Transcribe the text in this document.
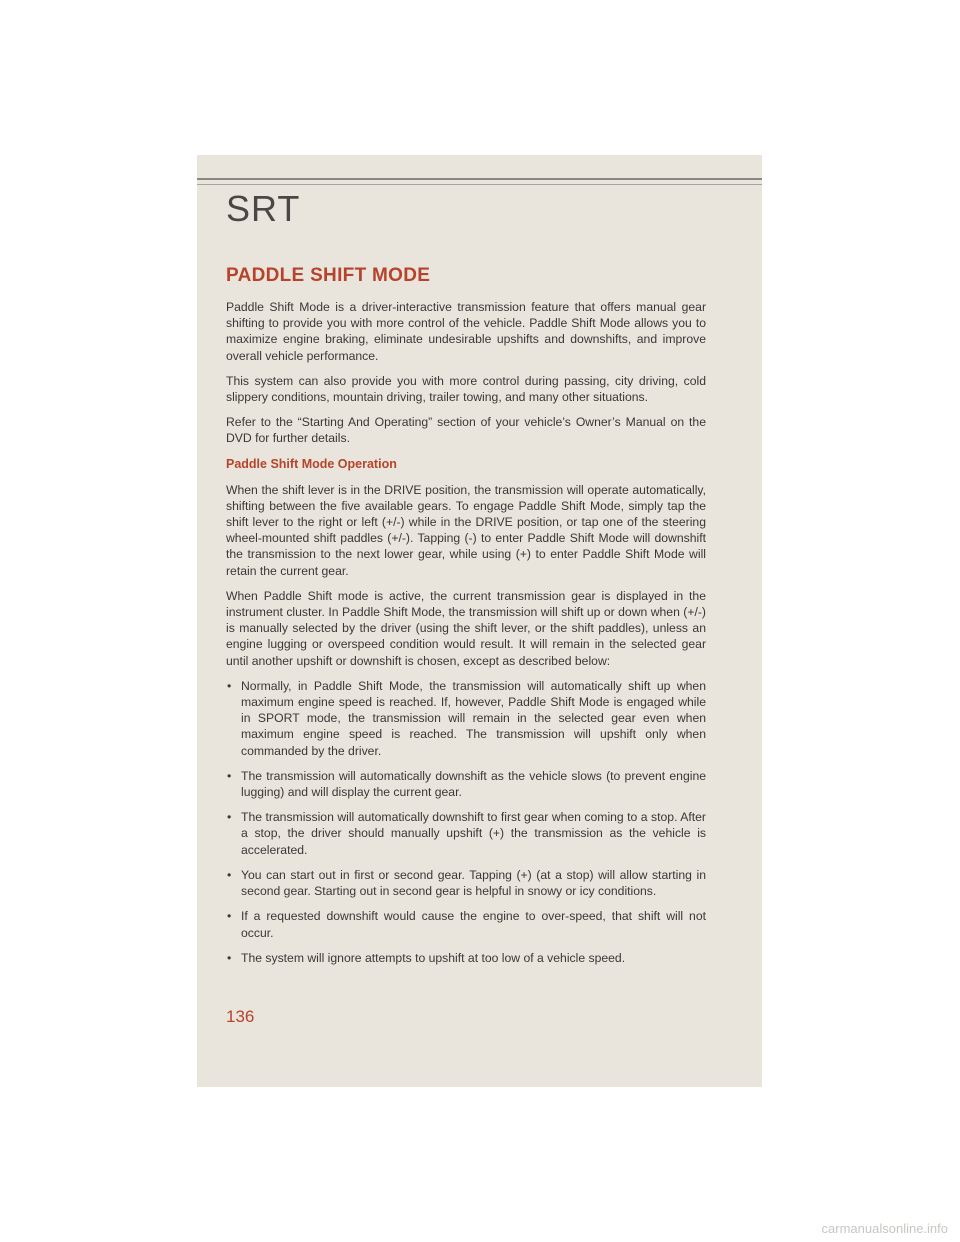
SRT
PADDLE SHIFT MODE

Paddle Shift Mode is a driver-interactive transmission feature that offers manual gear shifting to provide you with more control of the vehicle. Paddle Shift Mode allows you to maximize engine braking, eliminate undesirable upshifts and downshifts, and improve overall vehicle performance.

This system can also provide you with more control during passing, city driving, cold slippery conditions, mountain driving, trailer towing, and many other situations.

Refer to the “Starting And Operating” section of your vehicle’s Owner’s Manual on the DVD for further details.

Paddle Shift Mode Operation

When the shift lever is in the DRIVE position, the transmission will operate automatically, shifting between the five available gears. To engage Paddle Shift Mode, simply tap the shift lever to the right or left (+/-) while in the DRIVE position, or tap one of the steering wheel-mounted shift paddles (+/-). Tapping (-) to enter Paddle Shift Mode will downshift the transmission to the next lower gear, while using (+) to enter Paddle Shift Mode will retain the current gear.

When Paddle Shift mode is active, the current transmission gear is displayed in the instrument cluster. In Paddle Shift Mode, the transmission will shift up or down when (+/-) is manually selected by the driver (using the shift lever, or the shift paddles), unless an engine lugging or overspeed condition would result. It will remain in the selected gear until another upshift or downshift is chosen, except as described below:

• Normally, in Paddle Shift Mode, the transmission will automatically shift up when maximum engine speed is reached. If, however, Paddle Shift Mode is engaged while in SPORT mode, the transmission will remain in the selected gear even when maximum engine speed is reached. The transmission will upshift only when commanded by the driver.
• The transmission will automatically downshift as the vehicle slows (to prevent engine lugging) and will display the current gear.
• The transmission will automatically downshift to first gear when coming to a stop. After a stop, the driver should manually upshift (+) the transmission as the vehicle is accelerated.
• You can start out in first or second gear. Tapping (+) (at a stop) will allow starting in second gear. Starting out in second gear is helpful in snowy or icy conditions.
• If a requested downshift would cause the engine to over-speed, that shift will not occur.
• The system will ignore attempts to upshift at too low of a vehicle speed.
136
carmanualsonline.info
